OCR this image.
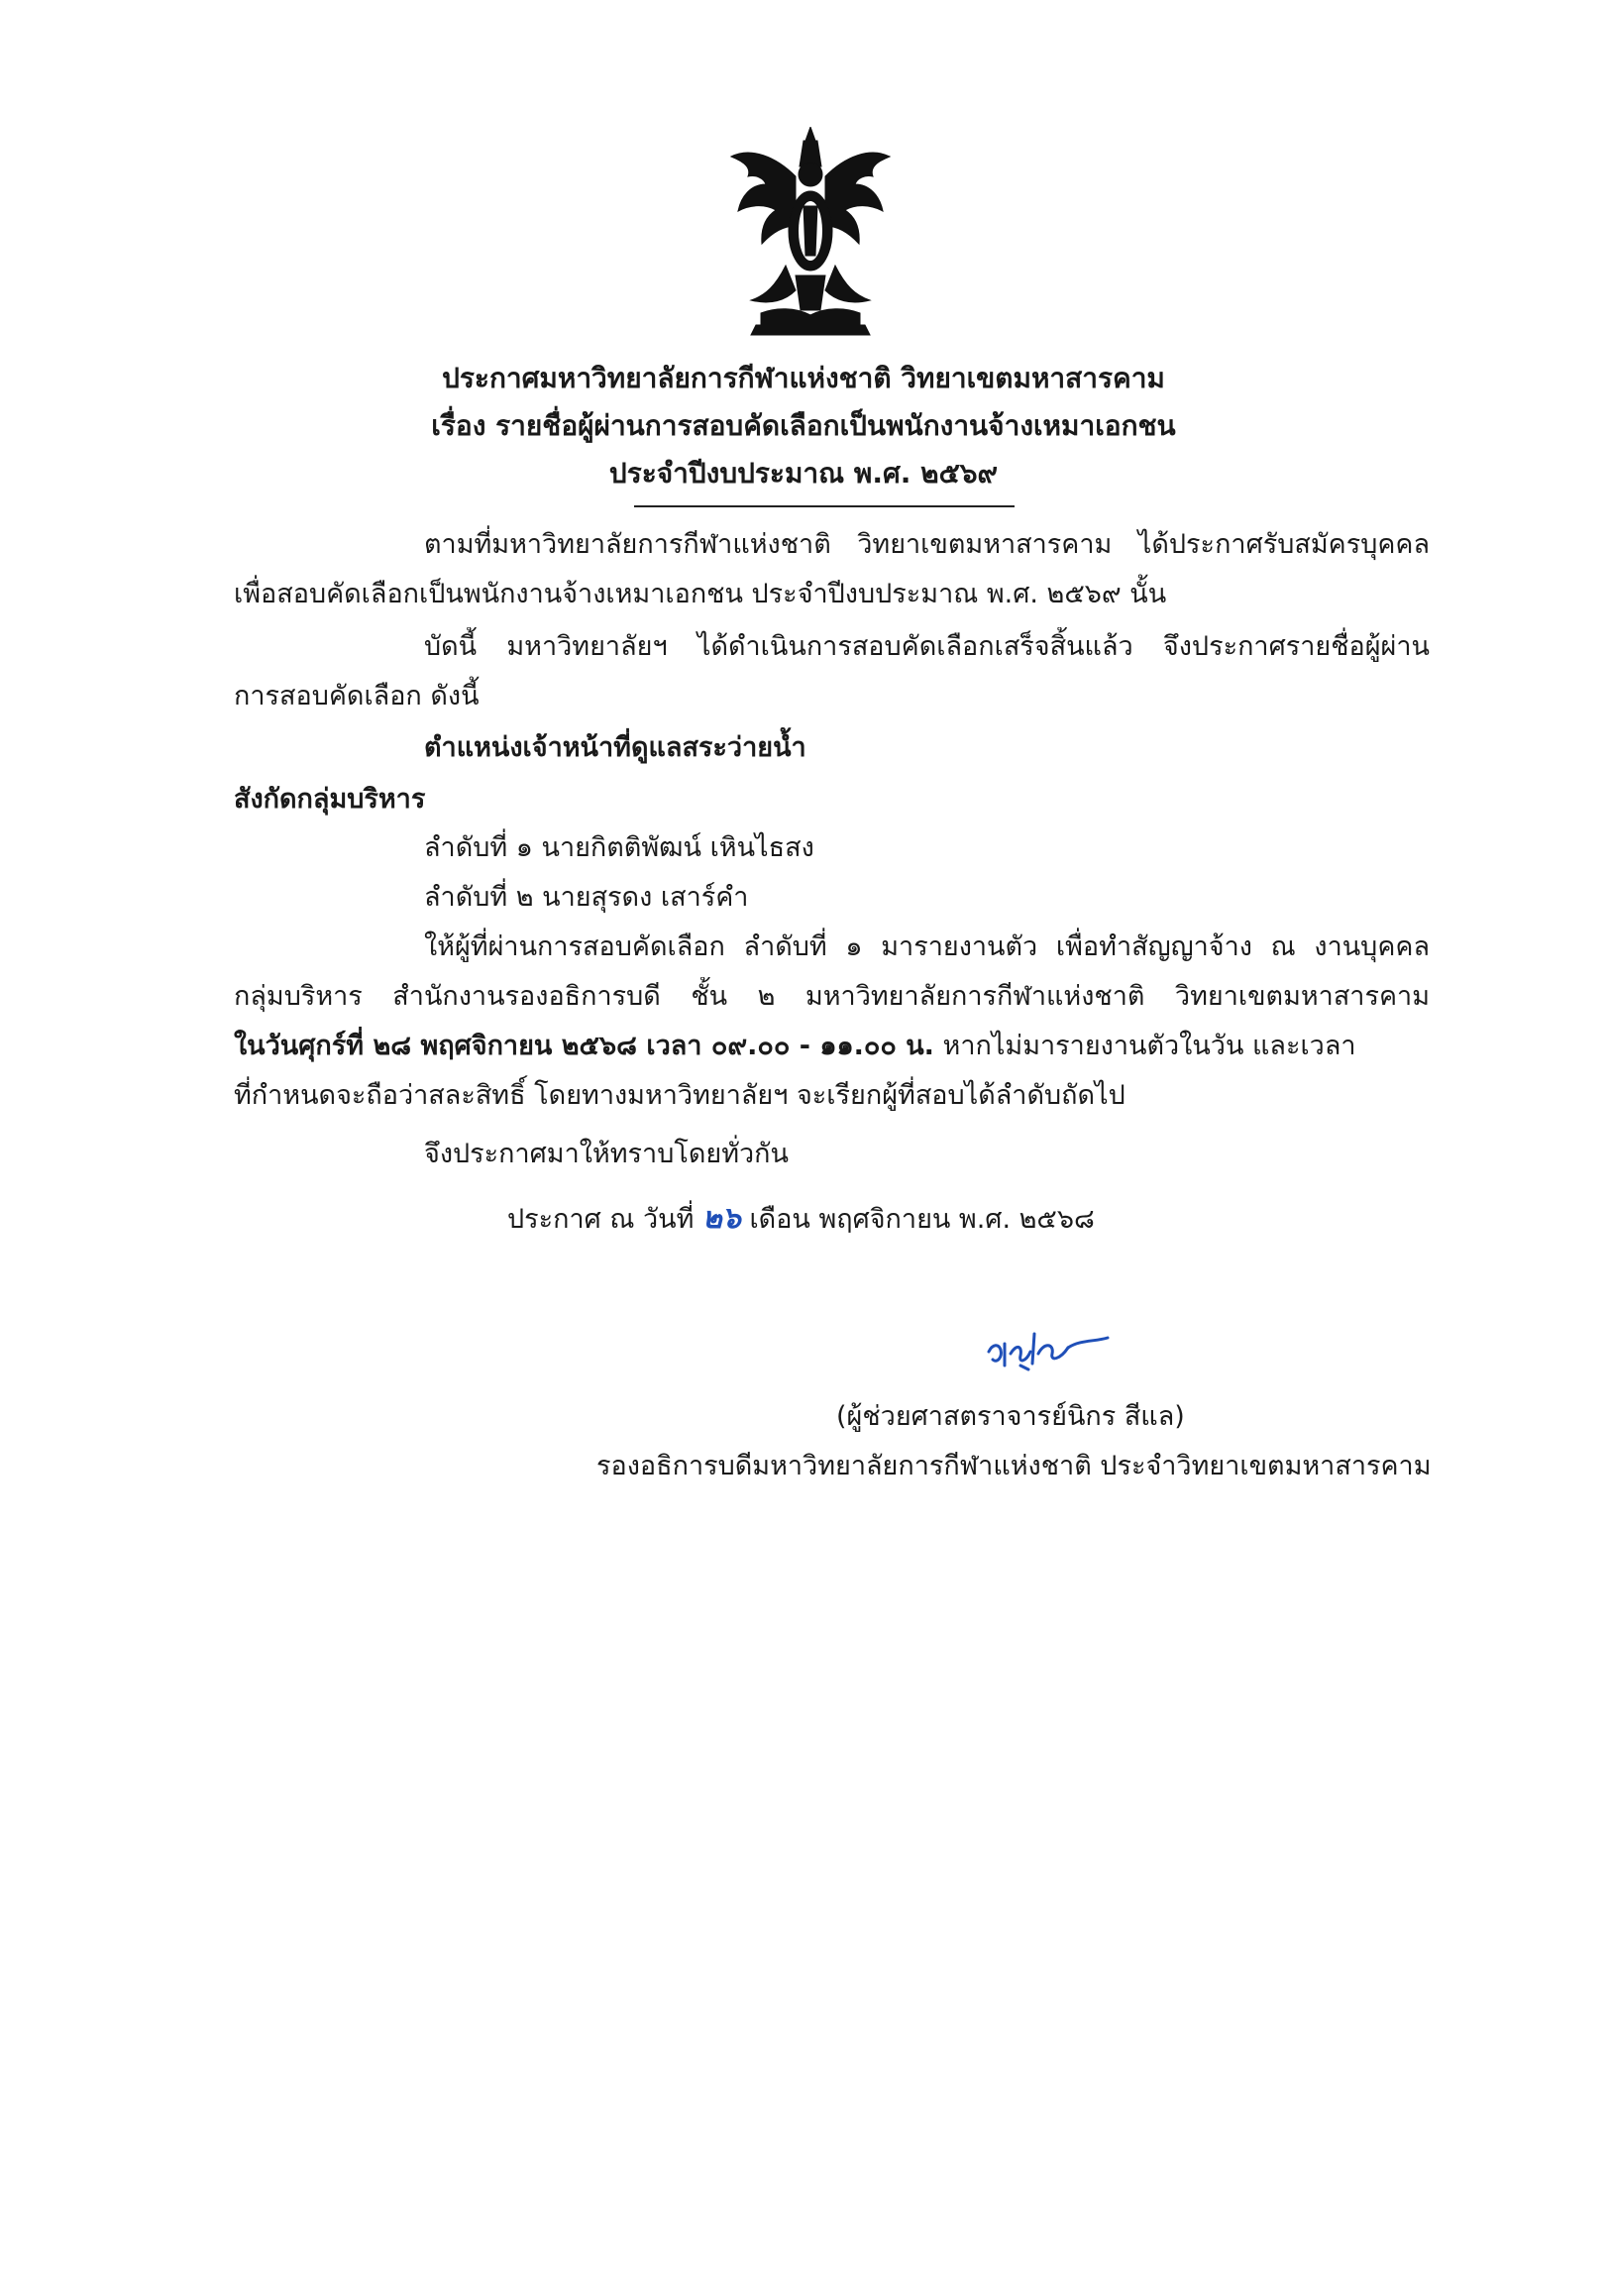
ประกาศมหาวิทยาลัยการกีฬาแห่งชาติ วิทยาเขตมหาสารคาม
เรื่อง รายชื่อผู้ผ่านการสอบคัดเลือกเป็นพนักงานจ้างเหมาเอกชน
ประจำปีงบประมาณ พ.ศ. ๒๕๖๙
ตามที่มหาวิทยาลัยการกีฬาแห่งชาติ วิทยาเขตมหาสารคาม ได้ประกาศรับสมัครบุคคล
เพื่อสอบคัดเลือกเป็นพนักงานจ้างเหมาเอกชน ประจำปีงบประมาณ พ.ศ. ๒๕๖๙ นั้น
บัดนี้ มหาวิทยาลัยฯ ได้ดำเนินการสอบคัดเลือกเสร็จสิ้นแล้ว จึงประกาศรายชื่อผู้ผ่าน
การสอบคัดเลือก ดังนี้
ตำแหน่งเจ้าหน้าที่ดูแลสระว่ายน้ำ
สังกัดกลุ่มบริหาร
ลำดับที่ ๑ นายกิตติพัฒน์ เหินไธสง
ลำดับที่ ๒ นายสุรดง เสาร์คำ
ให้ผู้ที่ผ่านการสอบคัดเลือก ลำดับที่ ๑ มารายงานตัว เพื่อทำสัญญาจ้าง ณ งานบุคคล
กลุ่มบริหาร สำนักงานรองอธิการบดี ชั้น ๒ มหาวิทยาลัยการกีฬาแห่งชาติ วิทยาเขตมหาสารคาม
ในวันศุกร์ที่ ๒๘ พฤศจิกายน ๒๕๖๘ เวลา ๐๙.๐๐ - ๑๑.๐๐ น. หากไม่มารายงานตัวในวัน และเวลา
ที่กำหนดจะถือว่าสละสิทธิ์ โดยทางมหาวิทยาลัยฯ จะเรียกผู้ที่สอบได้ลำดับถัดไป
จึงประกาศมาให้ทราบโดยทั่วกัน
ประกาศ ณ วันที่ ๒๖ เดือน พฤศจิกายน พ.ศ. ๒๕๖๘
(ผู้ช่วยศาสตราจารย์นิกร สีแล)
รองอธิการบดีมหาวิทยาลัยการกีฬาแห่งชาติ ประจำวิทยาเขตมหาสารคาม
